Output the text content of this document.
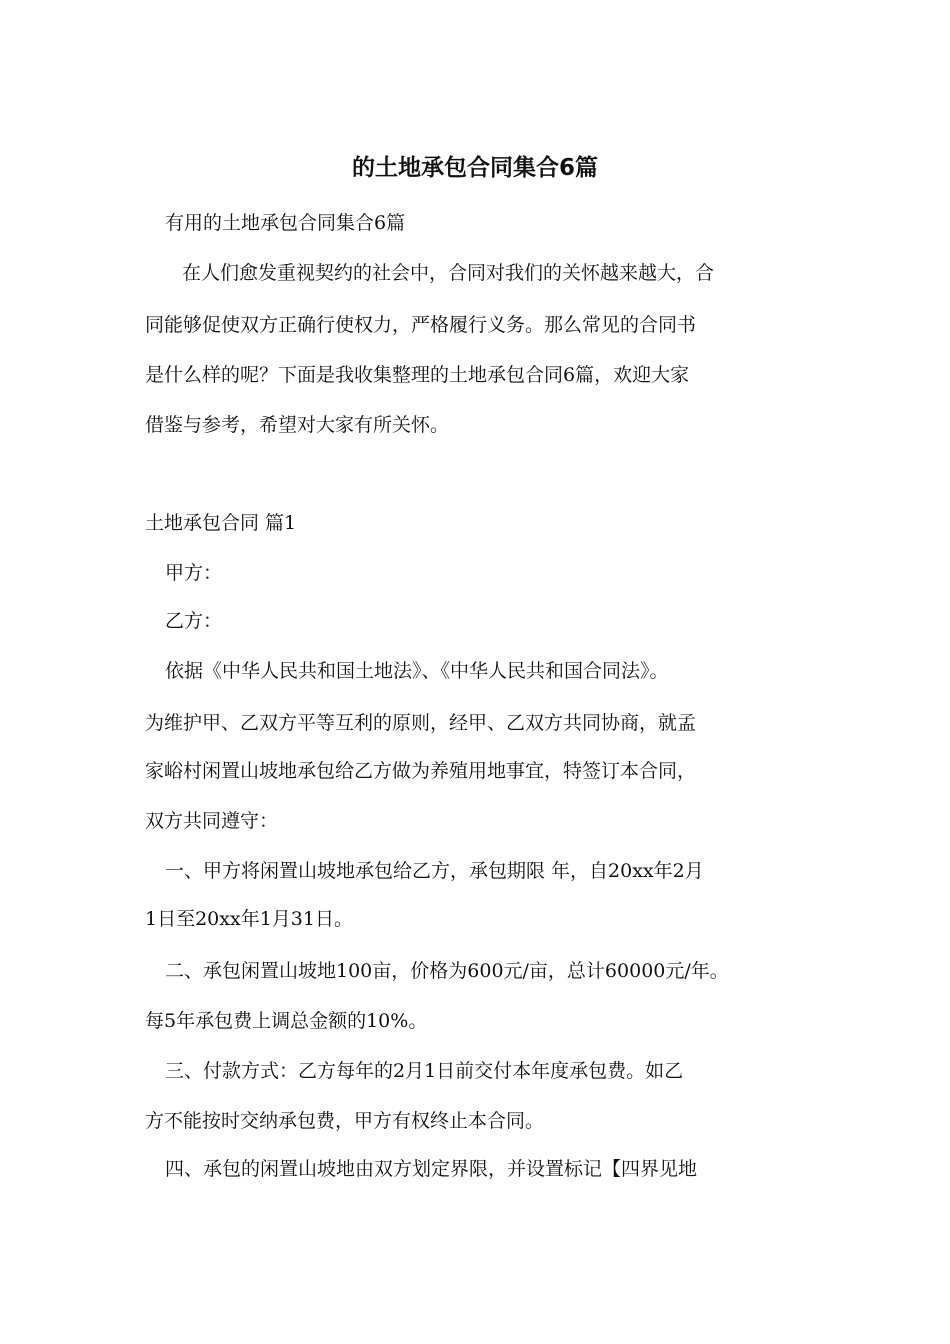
的土地承包合同集合6篇
有用的土地承包合同集合6篇
在人们愈发重视契约的社会中，合同对我们的关怀越来越大，合
同能够促使双方正确行使权力，严格履行义务。那么常见的合同书
是什么样的呢？下面是我收集整理的土地承包合同6篇，欢迎大家
借鉴与参考，希望对大家有所关怀。
土地承包合同 篇1
甲方：
乙方：
依据《中华人民共和国土地法》、《中华人民共和国合同法》。
为维护甲、乙双方平等互利的原则，经甲、乙双方共同协商，就孟
家峪村闲置山坡地承包给乙方做为养殖用地事宜，特签订本合同，
双方共同遵守：
一、甲方将闲置山坡地承包给乙方，承包期限 年，自20xx年2月
1日至20xx年1月31日。
二、承包闲置山坡地100亩，价格为600元/亩，总计60000元/年。
每5年承包费上调总金额的10%。
三、付款方式：乙方每年的2月1日前交付本年度承包费。如乙
方不能按时交纳承包费，甲方有权终止本合同。
四、承包的闲置山坡地由双方划定界限，并设置标记【四界见地
